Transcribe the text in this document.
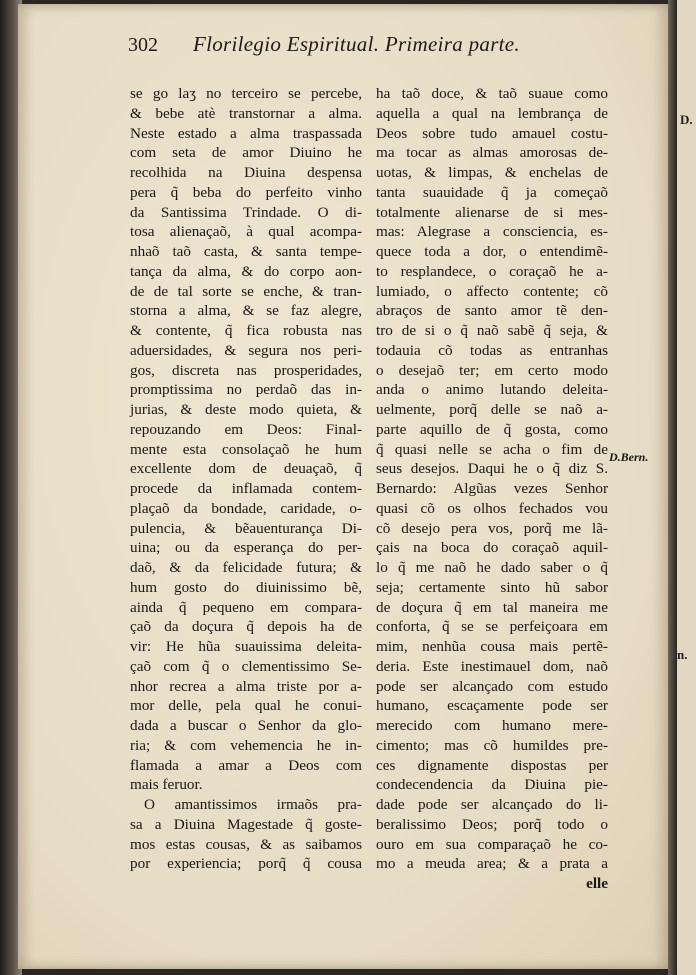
D.
n.
302 Florilegio Espiritual. Primeira parte.
se go laʒ no terceiro se percebe,
& bebe atè transtornar a alma.
Neste estado a alma traspassada
com seta de amor Diuino he
recolhida na Diuina despensa
pera q̃ beba do perfeito vinho
da Santissima Trindade. O di-
tosa alienaçaõ, à qual acompa-
nhaõ taõ casta, & santa tempe-
tança da alma, & do corpo aon-
de de tal sorte se enche, & tran-
storna a alma, & se faz alegre,
& contente, q̃ fica robusta nas
aduersidades, & segura nos peri-
gos, discreta nas prosperidades,
promptissima no perdaõ das in-
jurias, & deste modo quieta, &
repouzando em Deos: Final-
mente esta consolaçaõ he hum
excellente dom de deuaçaõ, q̃
procede da inflamada contem-
plaçaõ da bondade, caridade, o-
pulencia, & bẽauenturança Di-
uina; ou da esperança do per-
daõ, & da felicidade futura; &
hum gosto do diuinissimo bẽ,
ainda q̃ pequeno em compara-
çaõ da doçura q̃ depois ha de
vir: He hũa suauissima deleita-
çaõ com q̃ o clementissimo Se-
nhor recrea a alma triste por a-
mor delle, pela qual he conui-
dada a buscar o Senhor da glo-
ria; & com vehemencia he in-
flamada a amar a Deos com
mais feruor.
O amantissimos irmaõs pra-
sa a Diuina Magestade q̃ goste-
mos estas cousas, & as saibamos
por experiencia; porq̃ q̃ cousa
ha taõ doce, & taõ suaue como
aquella a qual na lembrança de
Deos sobre tudo amauel costu-
ma tocar as almas amorosas de-
uotas, & limpas, & enchelas de
tanta suauidade q̃ ja começaõ
totalmente alienarse de si mes-
mas: Alegrase a consciencia, es-
quece toda a dor, o entendimẽ-
to resplandece, o coraçaõ he a-
lumiado, o affecto contente; cõ
abraços de santo amor tẽ den-
tro de si o q̃ naõ sabẽ q̃ seja, &
todauia cõ todas as entranhas
o desejaõ ter; em certo modo
anda o animo lutando deleita-
uelmente, porq̃ delle se naõ a-
parte aquillo de q̃ gosta, como
q̃ quasi nelle se acha o fim de
seus desejos. Daqui he o q̃ diz S.
Bernardo: Algũas vezes Senhor
quasi cõ os olhos fechados vou
cõ desejo pera vos, porq̃ me lã-
çais na boca do coraçaõ aquil-
lo q̃ me naõ he dado saber o q̃
seja; certamente sinto hũ sabor
de doçura q̃ em tal maneira me
conforta, q̃ se se perfeiçoara em
mim, nenhũa cousa mais pertẽ-
deria. Este inestimauel dom, naõ
pode ser alcançado com estudo
humano, escaçamente pode ser
merecido com humano mere-
cimento; mas cõ humildes pre-
ces dignamente dispostas per
condecendencia da Diuina pie-
dade pode ser alcançado do li-
beralissimo Deos; porq̃ todo o
ouro em sua comparaçaõ he co-
mo a meuda area; & a prata a
elle
D.Bern.
